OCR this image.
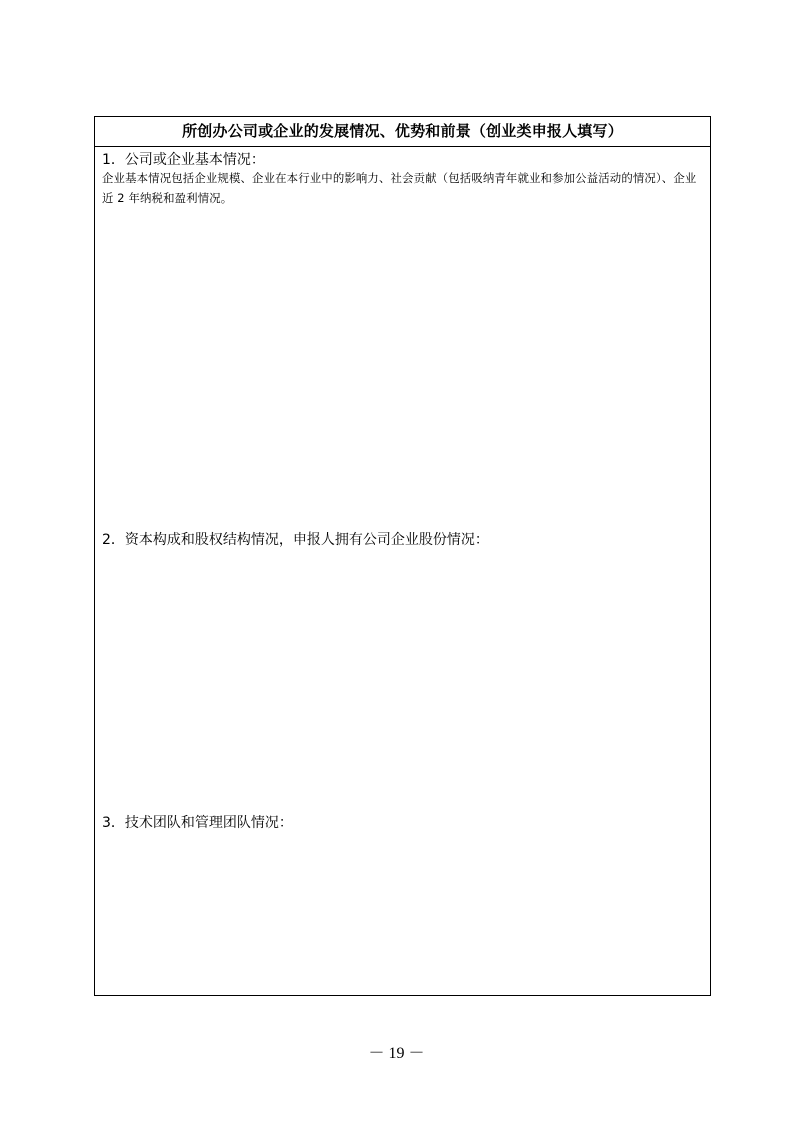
所创办公司或企业的发展情况、优势和前景（创业类申报人填写）
1．公司或企业基本情况：
企业基本情况包括企业规模、企业在本行业中的影响力、社会贡献（包括吸纳青年就业和参加公益活动的情况）、企业近 2 年纳税和盈利情况。
2．资本构成和股权结构情况，申报人拥有公司企业股份情况：
3．技术团队和管理团队情况：
－ 19 －
